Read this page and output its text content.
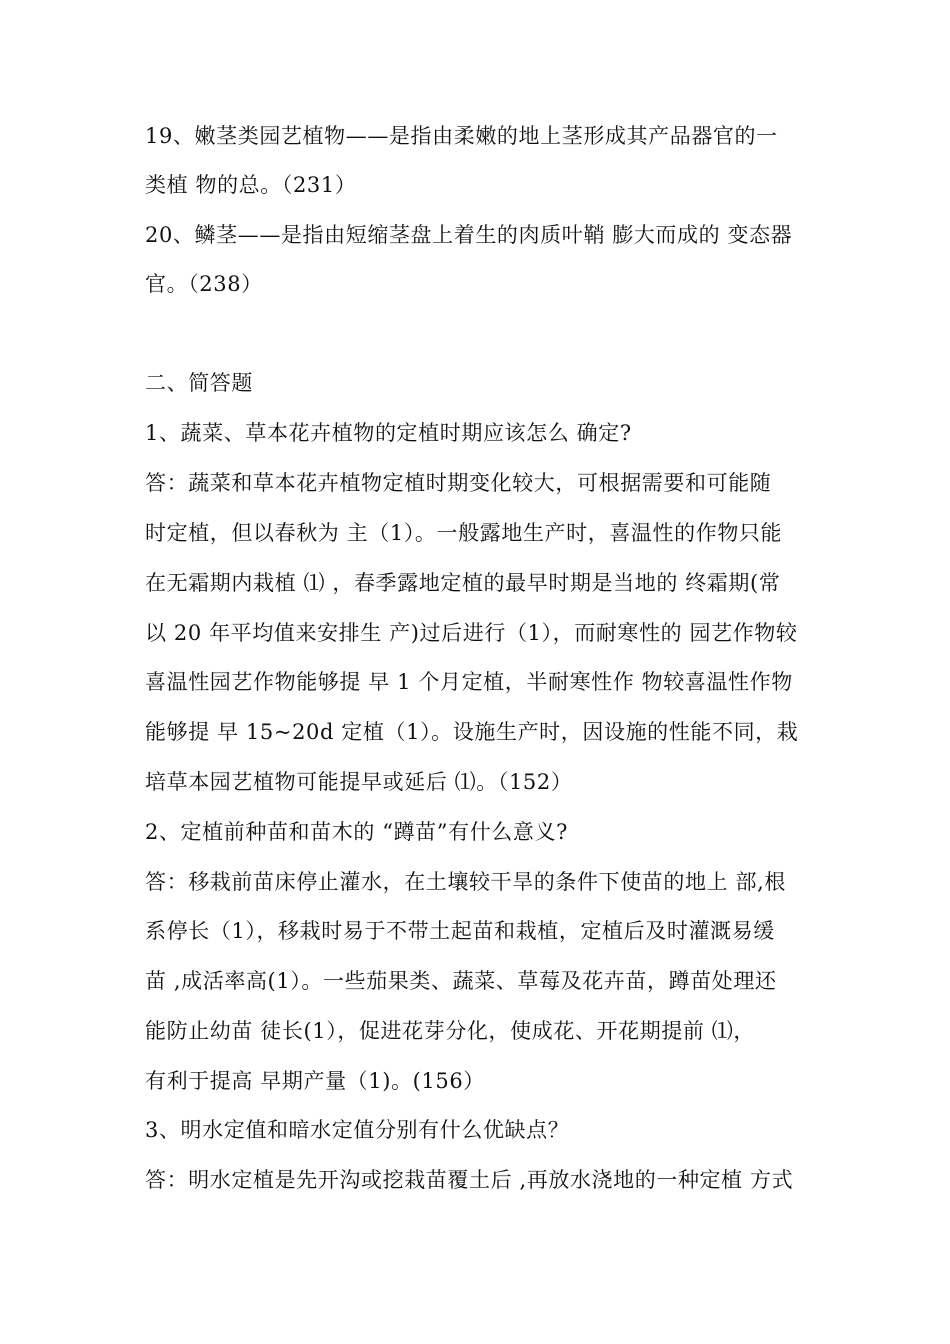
19、嫩茎类园艺植物——是指由柔嫩的地上茎形成其产品器官的一
类植 物的总。（231）
20、鳞茎——是指由短缩茎盘上着生的肉质叶鞘 膨大而成的 变态器
官。（238）
二、简答题
1、蔬菜、草本花卉植物的定植时期应该怎么 确定?
答：蔬菜和草本花卉植物定植时期变化较大，可根据需要和可能随
时定植，但以春秋为 主（1）。一般露地生产时，喜温性的作物只能
在无霜期内栽植 ⑴ ，春季露地定植的最早时期是当地的 终霜期(常
以 20 年平均值来安排生 产)过后进行（1），而耐寒性的 园艺作物较
喜温性园艺作物能够提 早 1 个月定植，半耐寒性作 物较喜温性作物
能够提 早 15~20d 定植（1）。设施生产时，因设施的性能不同，栽
培草本园艺植物可能提早或延后 ⑴。（152）
2、定植前种苗和苗木的 “蹲苗”有什么意义?
答：移栽前苗床停止灌水，在土壤较干旱的条件下使苗的地上 部,根
系停长（1），移栽时易于不带土起苗和栽植，定植后及时灌溉易缓
苗 ,成活率高(1）。一些茄果类、蔬菜、草莓及花卉苗，蹲苗处理还
能防止幼苗 徒长(1），促进花芽分化，使成花、开花期提前 ⑴，
有利于提高 早期产量（1)。(156）
3、明水定值和暗水定值分别有什么优缺点？
答：明水定植是先开沟或挖栽苗覆土后 ,再放水浇地的一种定植 方式
